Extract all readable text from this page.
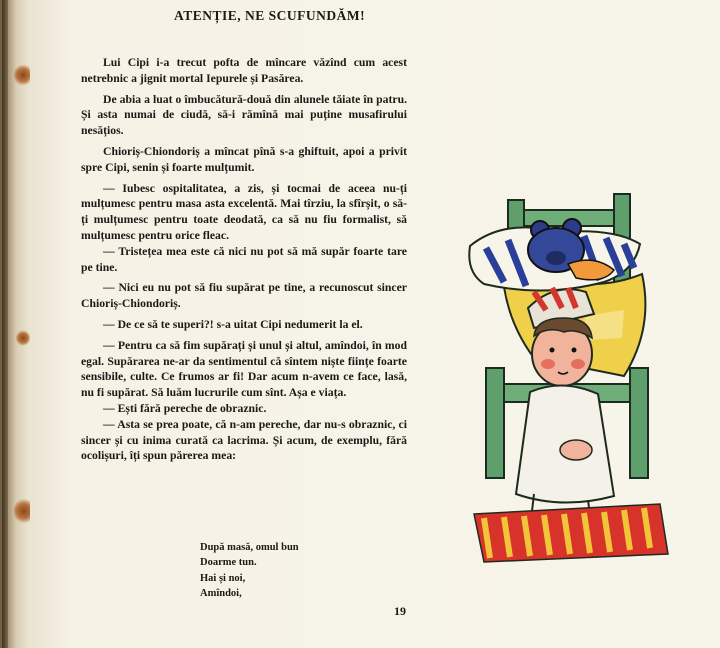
ATENȚIE, NE SCUFUNDĂM!

Lui Cipi i-a trecut pofta de mîncare văzînd cum acest netrebnic a jignit mortal Iepurele și Pasărea.

De abia a luat o îmbucătură-două din alunele tăiate în patru. Și asta numai de ciudă, să-i rămînă mai puține musafirului nesățios.

Chioriș-Chiondoriș a mîncat pînă s-a ghiftuit, apoi a privit spre Cipi, senin și foarte mulțumit.

— Iubesc ospitalitatea, a zis, și tocmai de aceea nu-ți mulțumesc pentru masa asta excelentă. Mai tîrziu, la sfîrșit, o să-ți mulțumesc pentru toate deodată, ca să nu fiu formalist, să mulțumesc pentru orice fleac.

— Tristețea mea este că nici nu pot să mă supăr foarte tare pe tine.

— Nici eu nu pot să fiu supărat pe tine, a recunoscut sincer Chioriș-Chiondoriș.

— De ce să te superi?! s-a uitat Cipi nedumerit la el.

— Pentru ca să fim supărați și unul și altul, amîndoi, în mod egal. Supărarea ne-ar da sentimentul că sîntem niște ființe foarte sensibile, culte. Ce frumos ar fi! Dar acum n-avem ce face, lasă, nu fi supărat. Să luăm lucrurile cum sînt. Așa e viața.

— Ești fără pereche de obraznic.

— Asta se prea poate, că n-am pereche, dar nu-s obraznic, ci sincer și cu inima curată ca lacrima. Și acum, de exemplu, fără ocolișuri, îți spun părerea mea:

După masă, omul bun
Doarme tun.
Hai și noi,
Amîndoi,
19
